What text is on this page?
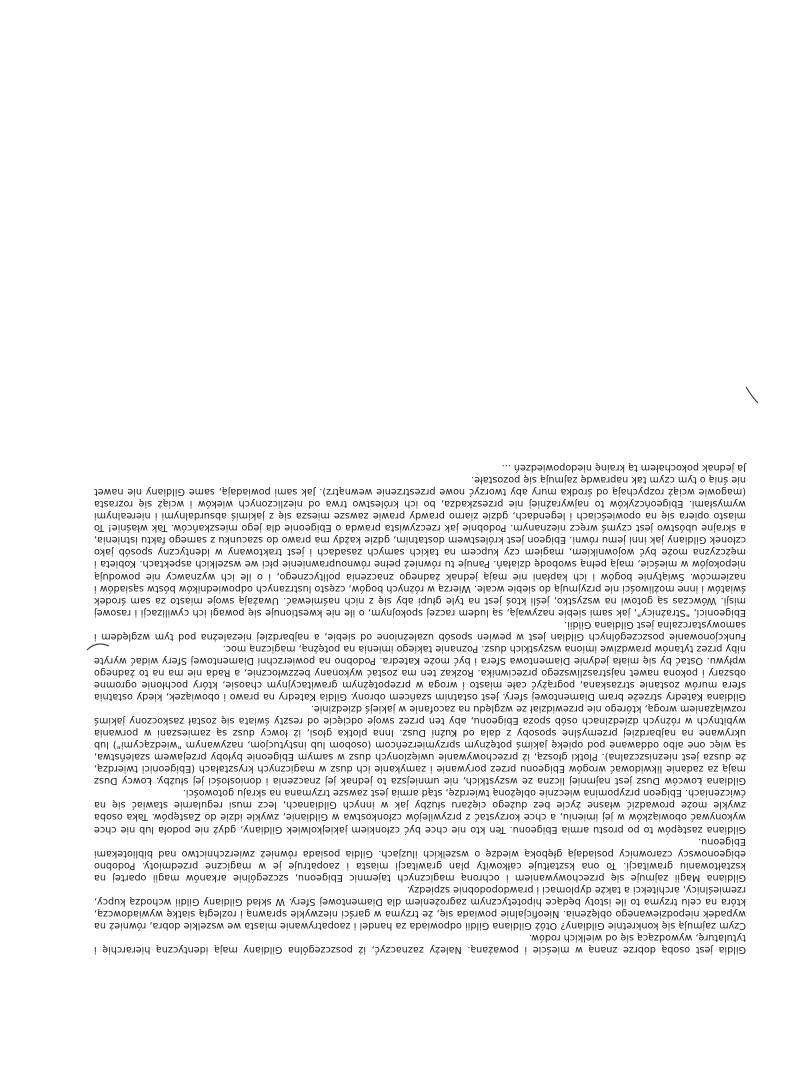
Gildia jest osobą dobrze znaną w mieście i poważaną. Należy zaznaczyć, iż poszczególna Gildiany mają identyczną hierarchię i tytulaturę, wywodzącą się od wielkich rodów.

Czym zajmują się konkretnie Gildiany? Otóż Gildiana Gildii odpowiada za handel i zaopatrywanie miasta we wszelkie dobra, również na wypadek niepodziewanego oblężenia. Nieoficjalnie powiada się, że trzyma w garści niezwykle sprawną i rozległą siatkę wywiadowczą, która na celu trzyma to ile istoty będące hipotetycznym zagrożeniem dla Diamentowej Sfery. W skład Gildiany Gildii wchodzą kupcy, rzemieślnicy, architekci a także dyplomaci i prawdopodobnie szpiedzy.

Gildiana Magii zajmuje się przechowywaniem i ochroną magicznych tajemnic Ebigeonu, szczególnie arkanów magii opartej na kształtowaniu grawitacji. To ona kształtuje całkowity plan grawitacji miasta i zaopatruje je w magiczne przedmioty. Podobno ebigeonowscy czarownicy posiadają głęboką wiedzę o wszelkich iluzjach. Gildia posiada również zwierzchnictwo nad bibliotekami Ebigeonu.

Gildiana zastępów to po prostu armia Ebigeonu. Ten kto nie chce być członkiem jakiejkolwiek Gildiany, gdyż nie podoła lub nie chce wykonywać obowiązków w jej imieniu, a chce korzystać z przywilejów członkostwa w Gildianie, zwykle idzie do Zastępów. Taka osoba zwykle może prowadzić własne życie bez dużego ciężaru służby jak w innych Gildianach, lecz musi regularnie stawiać się na ćwiczeniach. Ebigeon przypomina wiecznie oblężoną twierdzę, stąd armia jest zawsze trzymana na skraju gotowości.

Gildiana Łowców Dusz jest najmniej liczna ze wszystkich, nie umniejsza to jednak jej znaczenia i doniosłości jej służby. Łowcy Dusz mają za zadanie likwidować wrogów Ebigeonu przez porywanie i zamykanie ich dusz w magicznych kryształach (Ebigeonici twierdzą, że dusza jest niezniszczalna). Plotki głoszą, iż przechowywanie uwięzionych dusz w samym Ebigeonie byłoby przejawem szaleństwa, są więc one albo oddawane pod opiekę jakimś potężnym sprzymierzeńcom (osobom lub instytucjom, nazywanym "wiedzącymi") lub ukrywane na najbardziej przemyślne sposoby z dala od Kuźni Dusz. Inna plotka głosi, iż łowcy dusz są zamieszani w porwania wybitnych w różnych dziedzinach osób spoza Ebigeonu, aby ten przez swoje odcięcie od reszty świata się został zaskoczony jakimś rozwiązaniem wrogą, którego nie przewidział ze względu na zacofanie w jakiejś dziedzinie.

Gildiana Katedry strzeże bram Diamentowej sfery. Jest ostatnim szańcem obrony. Gildia Katedry na prawo i obowiązek, kiedy ostatnia sfera murów zostanie strzaskana, pogrążyć całe miasto i wroga w przepotężnym grawitacyjnym chaosie, który pochłonie ogromne obszary i pokona nawet najstraszliwszego przeciwnika. Rozkaz ten ma zostać wykonany bezzwłocznie, a Rada nie ma na to żadnego wpływu. Ostać by się miała jedynie Diamentowa Sfera i być może Katedra. Podobno na powierzchni Diamentowej Sfery widać wyryte niby przez tytanów prawdziwe imiona wszystkich dusz. Poznanie takiego imienia na potężną, magiczną moc.

Funkcjonowanie poszczególnych Gildian jest w pewien sposób uzależnione od siebie, a najbardziej niezależna pod tym względem i samowystarczalna jest Gildiana Gildii.

Ebigeonicí, "Strażnicy", jak sami siebie nazywają, są ludem raczej spokojnym, o ile nie kwestionuje się powagi ich cywilizacji i rasowej misji. Wówczas są gotowi na wszystko, jeśli ktoś jest na tyle głupi aby się z nich naśmiewać. Uważają swoje miasto za sam środek światów i inne możliwości nie przyjmują do siebie wcale. Wierzą w różnych bogów, często lustrzanych odpowiedników bóstw sąsiadów i naziemców. Świątynie bogów i ich kapłani nie mają jednak żadnego znaczenia politycznego, i o ile ich wyznawcy nie powodują niepokojów w mieście, mają pełną swobodę działań. Panuje tu również pełne równouprawnienie płci we wszelkich aspektach. Kobieta i mężczyzna może być wojownikiem, magiem czy kupcem na takich samych zasadach i jest traktowany w identyczny sposób jako członek Gildiany jak inni jemu równi. Ebigeon jest królestwem dostatnim, gdzie każdy ma prawo do szacunku z samego faktu istnienia, a skrajne ubóstwo jest czymś wręcz nieznanym. Podobnie jak rzeczywista prawda o Ebigeonie dla jego mieszkańców. Tak właśnie! To miasto opiera się na opowieściach i legendach, gdzie ziarno prawdy prawie zawsze miesza się z jakimiś absurdalnymi i nierealnymi wymysłami. Ebigeończyków to najwyraźniej nie przeszkadza, bo ich królestwo trwa od niezliczonych wieków i wciąż się rozrasta (magowie wciąż rozpychają od środka mury aby tworzyć nowe przestrzenie wewnątrz). Jak sami powiadają, same Gildiany nie nawet nie śnią o tym czym tak naprawdę zajmują się pozostałe.

Ja jednak pokochałem tą krainę niedopowiedzeń ...
